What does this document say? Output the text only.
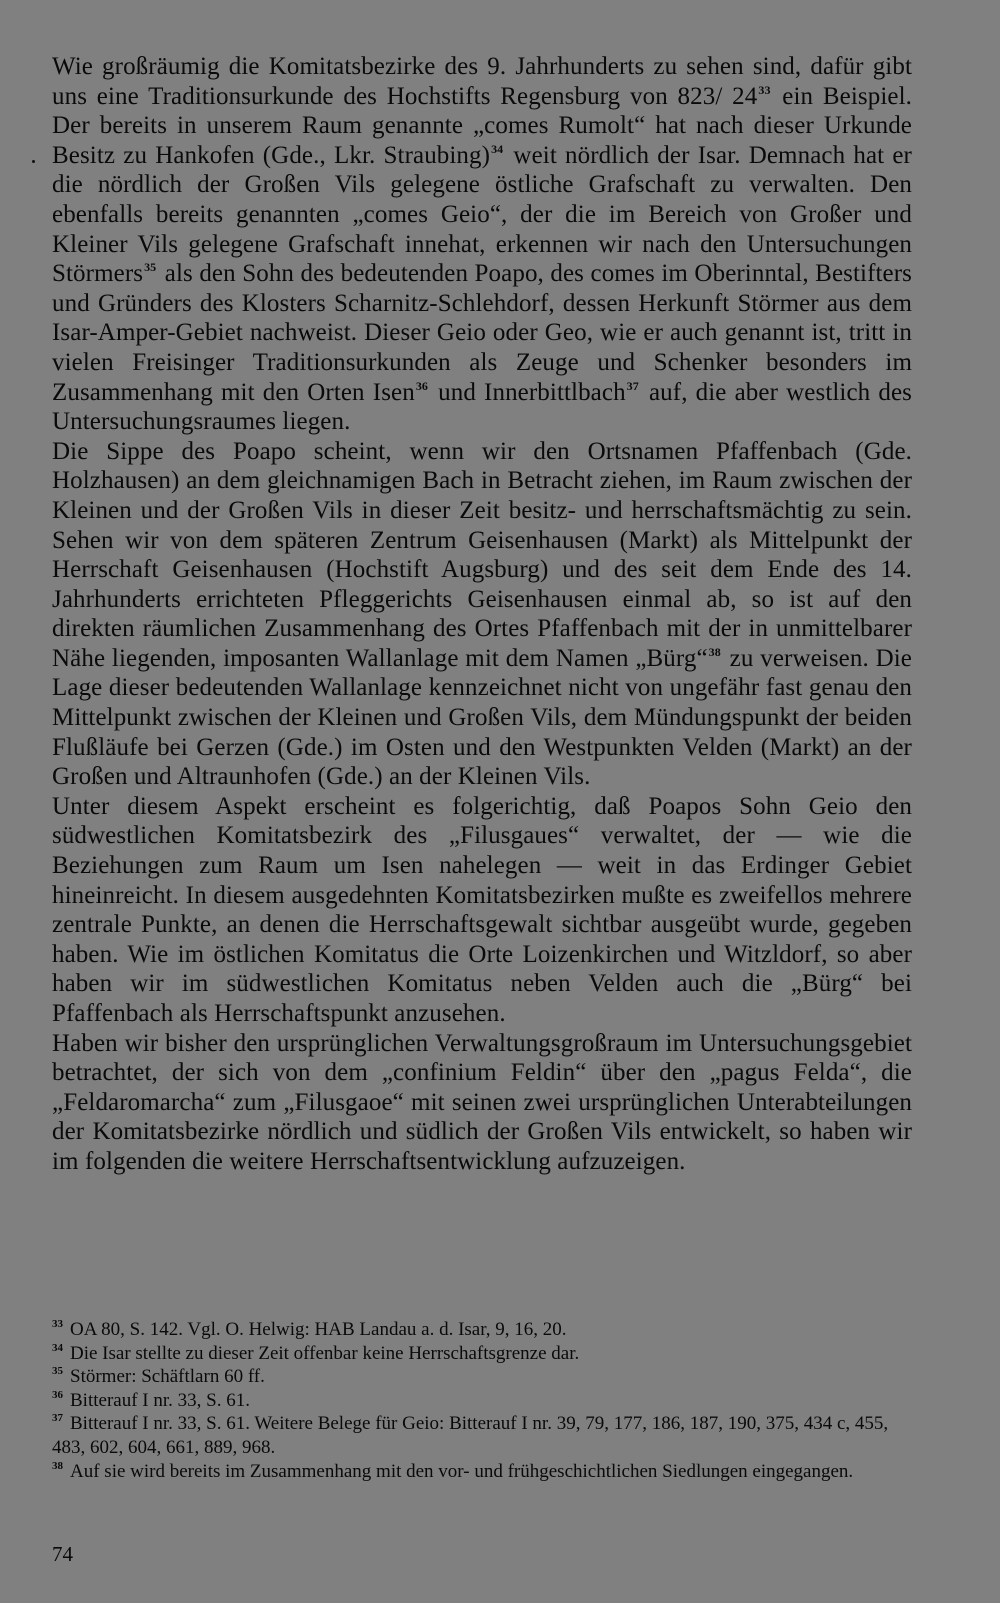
Wie großräumig die Komitatsbezirke des 9. Jahrhunderts zu sehen sind, dafür gibt uns eine Traditionsurkunde des Hochstifts Regensburg von 823/ $24^{33}$ ein Beispiel. Der bereits in unserem Raum genannte „comes Rumolt“ hat nach dieser Urkunde Besitz zu Hankofen (Gde., Lkr. Straubing)$^{34}$ weit nördlich der Isar. Demnach hat er die nördlich der Großen Vils gelegene östliche Grafschaft zu verwalten. Den ebenfalls bereits genannten „comes Geio“, der die im Bereich von Großer und Kleiner Vils gelegene Grafschaft innehat, erkennen wir nach den Untersuchungen Störmers$^{35}$ als den Sohn des bedeutenden Poapo, des comes im Oberinntal, Bestifters und Gründers des Klosters Scharnitz-Schlehdorf, dessen Herkunft Störmer aus dem Isar-Amper-Gebiet nachweist. Dieser Geio oder Geo, wie er auch genannt ist, tritt in vielen Freisinger Traditionsurkunden als Zeuge und Schenker besonders im Zusammenhang mit den Orten Isen$^{36}$ und Innerbittlbach$^{37}$ auf, die aber westlich des Untersuchungsraumes liegen.

Die Sippe des Poapo scheint, wenn wir den Ortsnamen Pfaffenbach (Gde. Holzhausen) an dem gleichnamigen Bach in Betracht ziehen, im Raum zwischen der Kleinen und der Großen Vils in dieser Zeit besitz- und herrschaftsmächtig zu sein. Sehen wir von dem späteren Zentrum Geisenhausen (Markt) als Mittelpunkt der Herrschaft Geisenhausen (Hochstift Augsburg) und des seit dem Ende des 14. Jahrhunderts errichteten Pfleggerichts Geisenhausen einmal ab, so ist auf den direkten räumlichen Zusammenhang des Ortes Pfaffenbach mit der in unmittelbarer Nähe liegenden, imposanten Wallanlage mit dem Namen „Bürg“$^{38}$ zu verweisen. Die Lage dieser bedeutenden Wallanlage kennzeichnet nicht von ungefähr fast genau den Mittelpunkt zwischen der Kleinen und Großen Vils, dem Mündungspunkt der beiden Flußläufe bei Gerzen (Gde.) im Osten und den Westpunkten Velden (Markt) an der Großen und Altraunhofen (Gde.) an der Kleinen Vils.

Unter diesem Aspekt erscheint es folgerichtig, daß Poapos Sohn Geio den südwestlichen Komitatsbezirk des „Filusgaues“ verwaltet, der — wie die Beziehungen zum Raum um Isen nahelegen — weit in das Erdinger Gebiet hineinreicht. In diesem ausgedehnten Komitatsbezirken mußte es zweifellos mehrere zentrale Punkte, an denen die Herrschaftsgewalt sichtbar ausgeübt wurde, gegeben haben. Wie im östlichen Komitatus die Orte Loizenkirchen und Witzldorf, so aber haben wir im südwestlichen Komitatus neben Velden auch die „Bürg“ bei Pfaffenbach als Herrschaftspunkt anzusehen.

Haben wir bisher den ursprünglichen Verwaltungsgroßraum im Untersuchungsgebiet betrachtet, der sich von dem „confinium Feldin“ über den „pagus Felda“, die „Feldaromarcha“ zum „Filusgaoe“ mit seinen zwei ursprünglichen Unterabteilungen der Komitatsbezirke nördlich und südlich der Großen Vils entwickelt, so haben wir im folgenden die weitere Herrschaftsentwicklung aufzuzeigen.

$^{33}$ OA 80, S. 142. Vgl. O. Helwig: HAB Landau a. d. Isar, 9, 16, 20.

$^{34}$ Die Isar stellte zu dieser Zeit offenbar keine Herrschaftsgrenze dar.

$^{35}$ Störmer: Schäftlarn 60 ff.

$^{36}$ Bitterauf I nr. 33, S. 61.

$^{37}$ Bitterauf I nr. 33, S. 61. Weitere Belege für Geio: Bitterauf I nr. 39, 79, 177, 186, 187, 190, 375, 434 c, 455, 483, 602, 604, 661, 889, 968.

$^{38}$ Auf sie wird bereits im Zusammenhang mit den vor- und frühgeschichtlichen Siedlungen eingegangen.

74
